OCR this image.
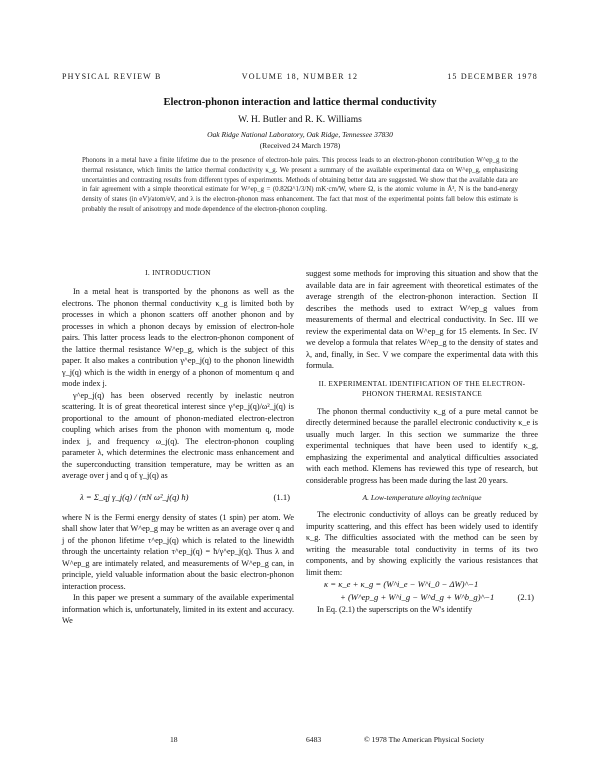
PHYSICAL REVIEW B	VOLUME 18, NUMBER 12	15 DECEMBER 1978
Electron-phonon interaction and lattice thermal conductivity
W. H. Butler and R. K. Williams
Oak Ridge National Laboratory, Oak Ridge, Tennessee 37830
(Received 24 March 1978)
Phonons in a metal have a finite lifetime due to the presence of electron-hole pairs. This process leads to an electron-phonon contribution W^ep_g to the thermal resistance, which limits the lattice thermal conductivity κ_g. We present a summary of the available experimental data on W^ep_g, emphasizing uncertainties and contrasting results from different types of experiments. Methods of obtaining better data are suggested. We show that the available data are in fair agreement with a simple theoretical estimate for W^ep_g = (0.82Ω^1/3/N) mK·cm/W, where Ω, is the atomic volume in Å³, N is the band-energy density of states (in eV)/atom/eV, and λ is the electron-phonon mass enhancement. The fact that most of the experimental points fall below this estimate is probably the result of anisotropy and mode dependence of the electron-phonon coupling.

I. INTRODUCTION

In a metal heat is transported by the phonons as well as the electrons. The phonon thermal conductivity κ_g is limited both by processes in which a phonon scatters off another phonon and by processes in which a phonon decays by emission of electron-hole pairs. This latter process leads to the electron-phonon component of the lattice thermal resistance W^ep_g, which is the subject of this paper. It also makes a contribution γ^ep_j(q) to the phonon linewidth γ_j(q) which is the width in energy of a phonon of momentum q and mode index j.

γ^ep_j(q) has been observed recently by inelastic neutron scattering. It is of great theoretical interest since γ^ep_j(q)/ω²_j(q) is proportional to the amount of phonon-mediated electron-electron coupling which arises from the phonon with momentum q, mode index j, and frequency ω_j(q). The electron-phonon coupling parameter λ, which determines the electronic mass enhancement and the superconducting transition temperature, may be written as an average over j and q of γ_j(q) as

λ = Σ_qj γ_j(q) / (πN ω²_j(q) ħ)	(1.1)

where N is the Fermi energy density of states (1 spin) per atom. We shall show later that W^ep_g may be written as an average over q and j of the phonon lifetime τ^ep_j(q) which is related to the linewidth through the uncertainty relation τ^ep_j(q) = ħ/γ^ep_j(q). Thus λ and W^ep_g are intimately related, and measurements of W^ep_g can, in principle, yield valuable information about the basic electron-phonon interaction process.

In this paper we present a summary of the available experimental information which is, unfortunately, limited in its extent and accuracy. We

suggest some methods for improving this situation and show that the available data are in fair agreement with theoretical estimates of the average strength of the electron-phonon interaction. Section II describes the methods used to extract W^ep_g values from measurements of thermal and electrical conductivity. In Sec. III we review the experimental data on W^ep_g for 15 elements. In Sec. IV we develop a formula that relates W^ep_g to the density of states and λ, and, finally, in Sec. V we compare the experimental data with this formula.

II. EXPERIMENTAL IDENTIFICATION OF THE ELECTRON-PHONON THERMAL RESISTANCE

The phonon thermal conductivity κ_g of a pure metal cannot be directly determined because the parallel electronic conductivity κ_e is usually much larger. In this section we summarize the three experimental techniques that have been used to identify κ_g, emphasizing the experimental and analytical difficulties associated with each method. Klemens has reviewed this type of research, but considerable progress has been made during the last 20 years.

A. Low-temperature alloying technique

The electronic conductivity of alloys can be greatly reduced by impurity scattering, and this effect has been widely used to identify κ_g. The difficulties associated with the method can be seen by writing the measurable total conductivity in terms of its two components, and by showing explicitly the various resistances that limit them:

κ = κ_e + κ_g = (W^i_e − W^i_0 − ΔW)^−1
+ (W^ep_g + W^i_g − W^d_g + W^b_g)^−1	(2.1)

In Eq. (2.1) the superscripts on the W's identify

18	6483	© 1978 The American Physical Society
